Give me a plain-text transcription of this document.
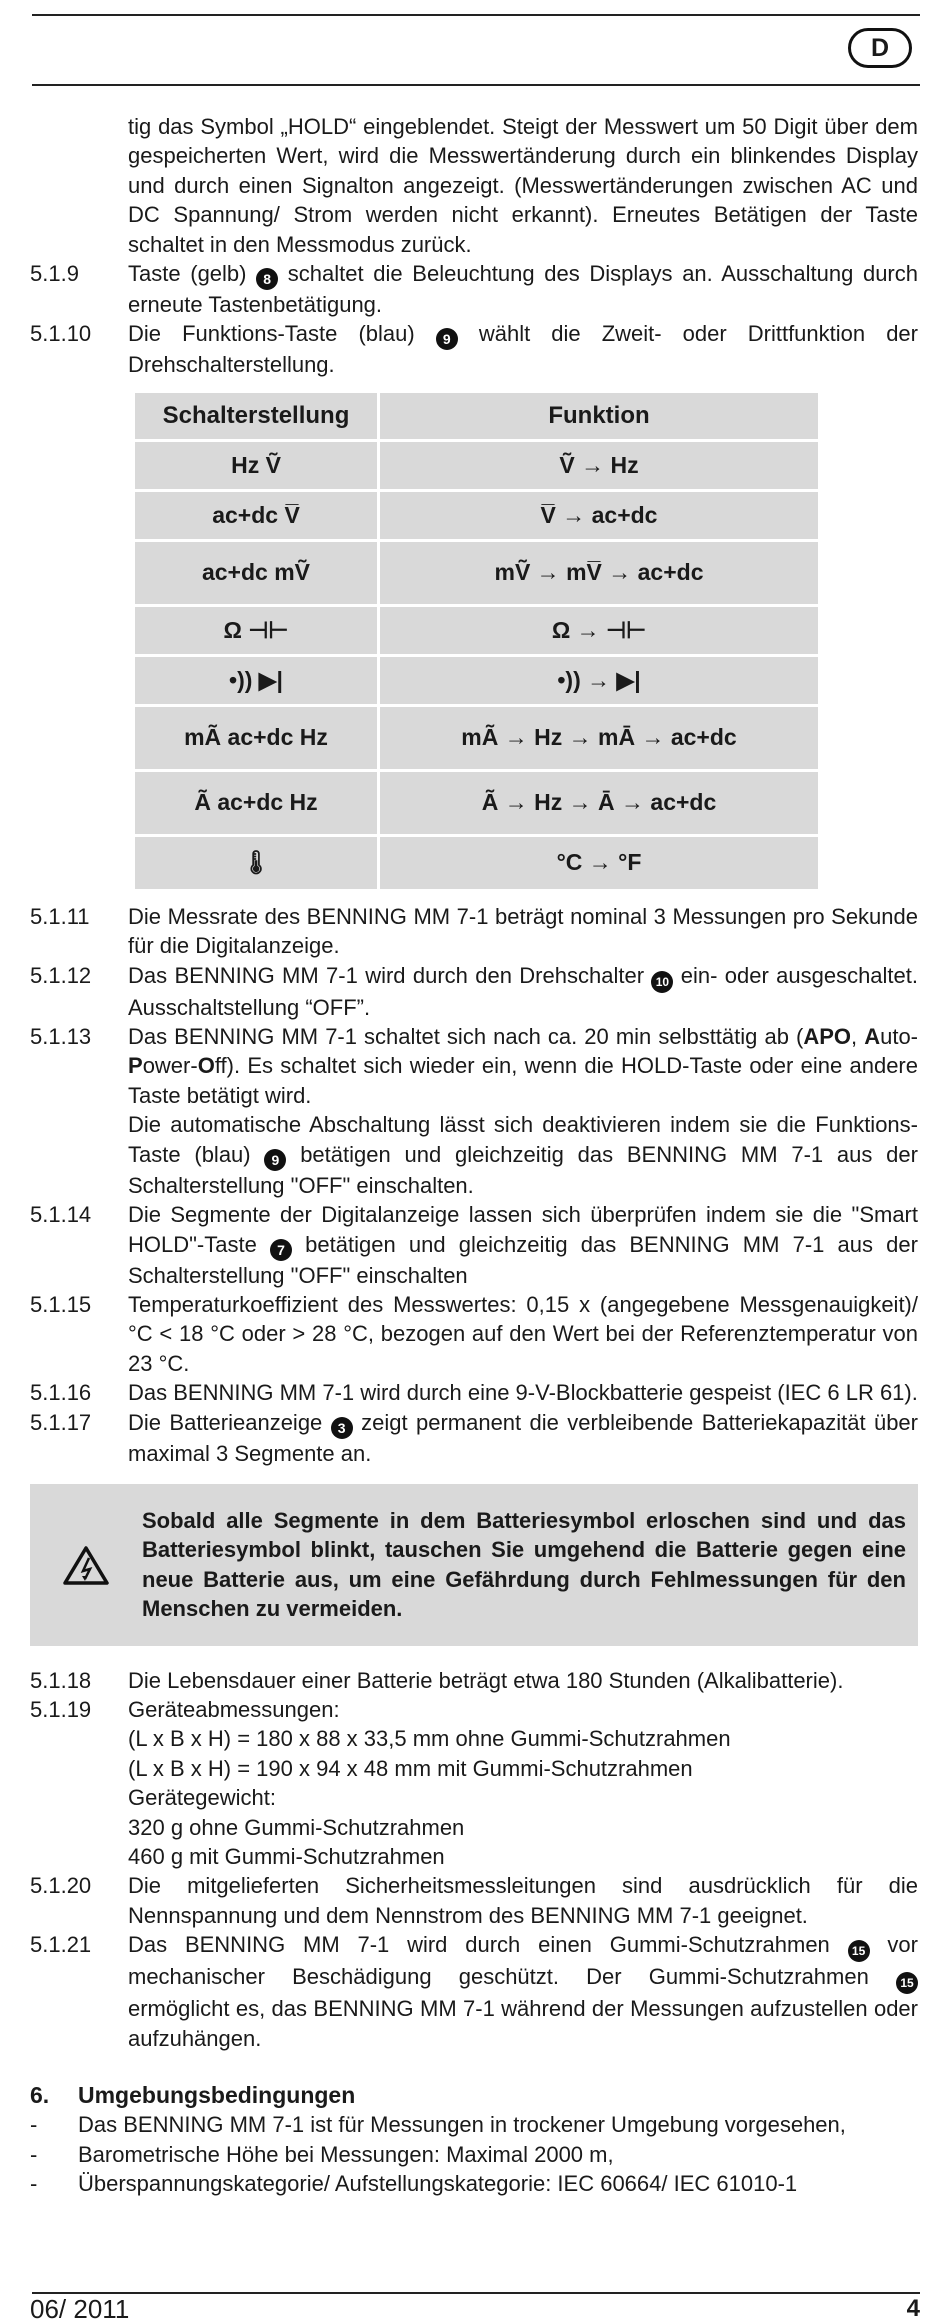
D
tig das Symbol „HOLD“ eingeblendet. Steigt der Messwert um 50 Digit über dem gespeicherten Wert, wird die Messwertänderung durch ein blinkendes Display und durch einen Signalton angezeigt. (Messwertänderungen zwischen AC und DC Spannung/ Strom werden nicht erkannt). Erneutes Betätigen der Taste schaltet in den Messmodus zurück.
5.1.9	Taste (gelb) 8 schaltet die Beleuchtung des Displays an. Ausschaltung durch erneute Tastenbetätigung.
5.1.10	Die Funktions-Taste (blau) 9 wählt die Zweit- oder Drittfunktion der Drehschalterstellung.
Schalterstellung	Funktion
Hz Ṽ	Ṽ → Hz
ac+dc V̅	V̅ → ac+dc
ac+dc mṼ	mṼ → mV̅ → ac+dc
Ω ⊣⊢	Ω → ⊣⊢
•)) ▶|	•)) → ▶|
mÃ ac+dc Hz	mÃ → Hz → mĀ → ac+dc
Ã ac+dc Hz	Ã → Hz → Ā → ac+dc
🌡	°C → °F
5.1.11	Die Messrate des BENNING MM 7-1 beträgt nominal 3 Messungen pro Sekunde für die Digitalanzeige.
5.1.12	Das BENNING MM 7-1 wird durch den Drehschalter 10 ein- oder ausgeschaltet. Ausschaltstellung “OFF”.
5.1.13	Das BENNING MM 7-1 schaltet sich nach ca. 20 min selbsttätig ab (APO, Auto-Power-Off). Es schaltet sich wieder ein, wenn die HOLD-Taste oder eine andere Taste betätigt wird.
Die automatische Abschaltung lässt sich deaktivieren indem sie die Funktions-Taste (blau) 9 betätigen und gleichzeitig das BENNING MM 7-1 aus der Schalterstellung "OFF" einschalten.
5.1.14	Die Segmente der Digitalanzeige lassen sich überprüfen indem sie die "Smart HOLD"-Taste 7 betätigen und gleichzeitig das BENNING MM 7-1 aus der Schalterstellung "OFF" einschalten
5.1.15	Temperaturkoeffizient des Messwertes: 0,15 x (angegebene Messgenauigkeit)/ °C < 18 °C oder > 28 °C, bezogen auf den Wert bei der Referenztemperatur von 23 °C.
5.1.16	Das BENNING MM 7-1 wird durch eine 9-V-Blockbatterie gespeist (IEC 6 LR 61).
5.1.17	Die Batterieanzeige 3 zeigt permanent die verbleibende Batteriekapazität über maximal 3 Segmente an.
Sobald alle Segmente in dem Batteriesymbol erloschen sind und das Batteriesymbol blinkt, tauschen Sie umgehend die Batterie gegen eine neue Batterie aus, um eine Gefährdung durch Fehlmessungen für den Menschen zu vermeiden.
5.1.18	Die Lebensdauer einer Batterie beträgt etwa 180 Stunden (Alkalibatterie).
5.1.19	Geräteabmessungen:
(L x B x H) = 180 x 88 x 33,5 mm ohne Gummi-Schutzrahmen
(L x B x H) = 190 x 94 x 48 mm mit Gummi-Schutzrahmen
Gerätegewicht:
320 g ohne Gummi-Schutzrahmen
460 g mit Gummi-Schutzrahmen
5.1.20	Die mitgelieferten Sicherheitsmessleitungen sind ausdrücklich für die Nennspannung und dem Nennstrom des BENNING MM 7-1 geeignet.
5.1.21	Das BENNING MM 7-1 wird durch einen Gummi-Schutzrahmen 15 vor mechanischer Beschädigung geschützt. Der Gummi-Schutzrahmen 15 ermöglicht es, das BENNING MM 7-1 während der Messungen aufzustellen oder aufzuhängen.
6.	Umgebungsbedingungen
-	Das BENNING MM 7-1 ist für Messungen in trockener Umgebung vorgesehen,
-	Barometrische Höhe bei Messungen: Maximal 2000 m,
-	Überspannungskategorie/ Aufstellungskategorie: IEC 60664/ IEC 61010-1
06/ 2011	4
